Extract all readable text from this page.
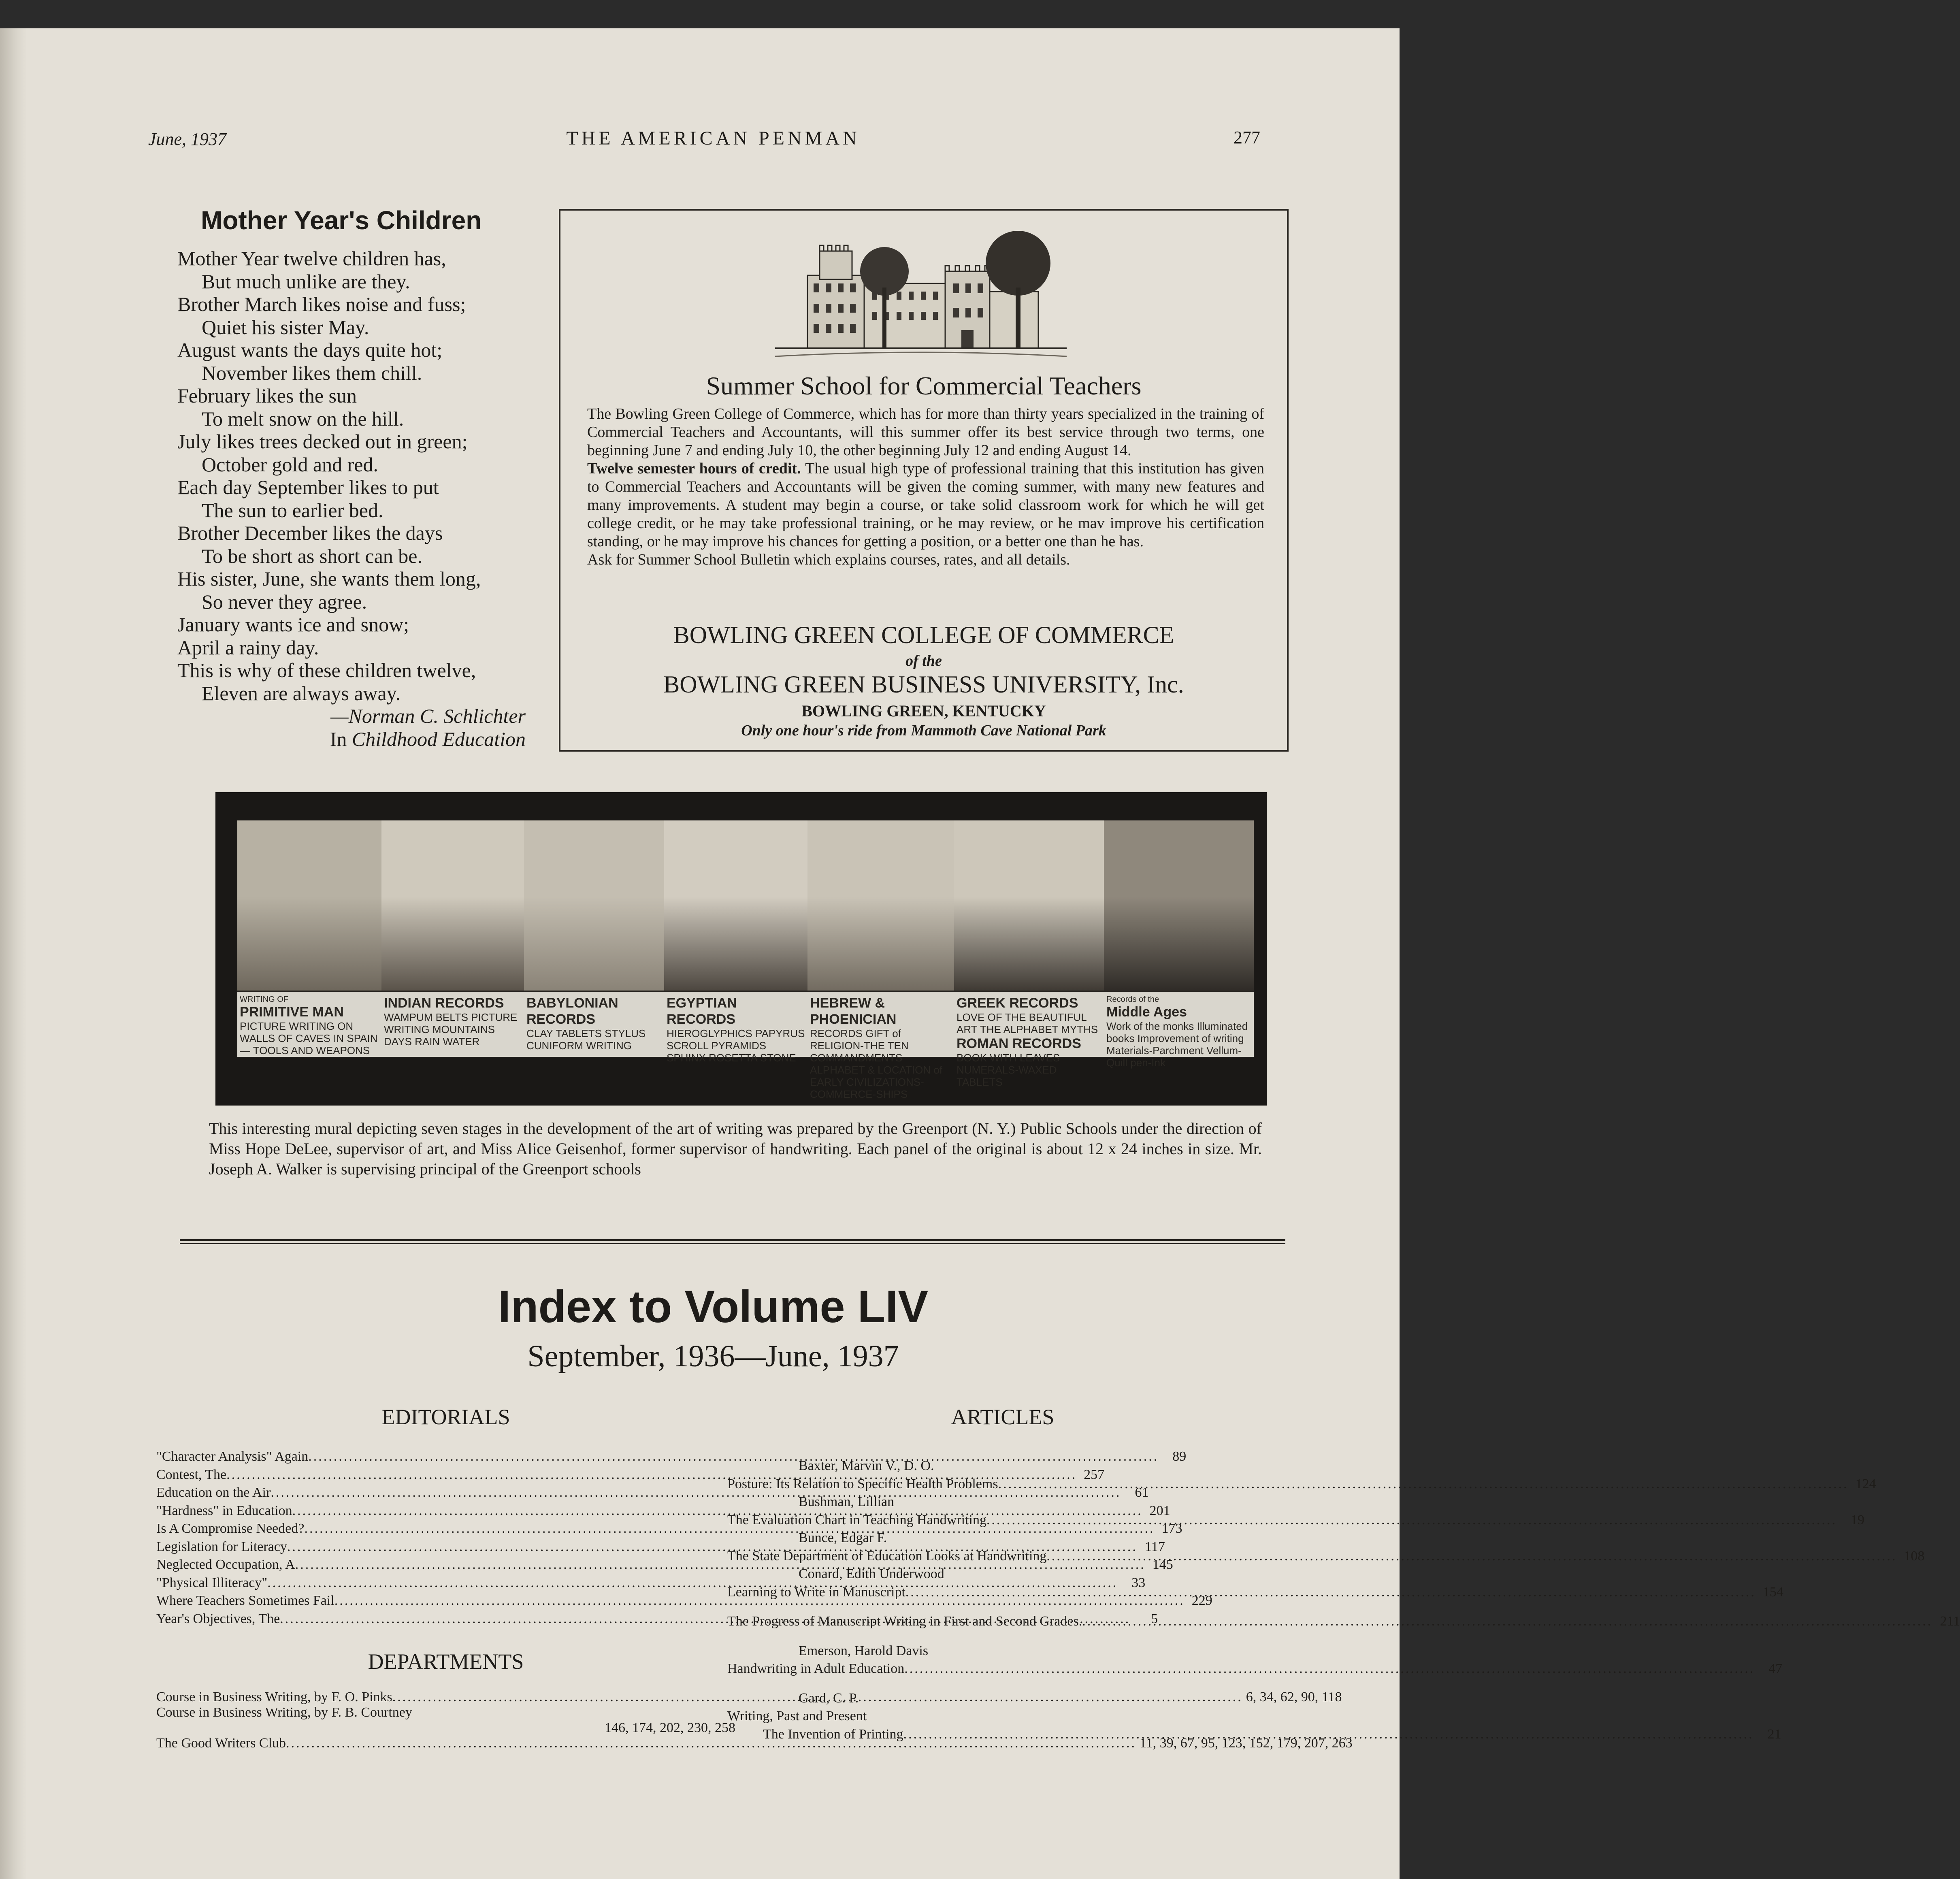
June, 1937	THE AMERICAN PENMAN	277
Mother Year's Children
Mother Year twelve children has,
But much unlike are they.
Brother March likes noise and fuss;
Quiet his sister May.
August wants the days quite hot;
November likes them chill.
February likes the sun
To melt snow on the hill.
July likes trees decked out in green;
October gold and red.
Each day September likes to put
The sun to earlier bed.
Brother December likes the days
To be short as short can be.
His sister, June, she wants them long,
So never they agree.
January wants ice and snow;
April a rainy day.
This is why of these children twelve,
Eleven are always away.
—Norman C. Schlichter
In Childhood Education
Summer School for Commercial Teachers
The Bowling Green College of Commerce, which has for more than thirty years specialized in the training of Commercial Teachers and Accountants, will this summer offer its best service through two terms, one beginning June 7 and ending July 10, the other beginning July 12 and ending August 14.
Twelve semester hours of credit. The usual high type of professional training that this institution has given to Commercial Teachers and Accountants will be given the coming summer, with many new features and many improvements. A student may begin a course, or take solid classroom work for which he will get college credit, or he may take professional training, or he may review, or he mav improve his certification standing, or he may improve his chances for getting a position, or a better one than he has.
Ask for Summer School Bulletin which explains courses, rates, and all details.
BOWLING GREEN COLLEGE OF COMMERCE
of the
BOWLING GREEN BUSINESS UNIVERSITY, Inc.
BOWLING GREEN, KENTUCKY
Only one hour's ride from Mammoth Cave National Park
WRITING OF
PRIMITIVE MAN
PICTURE WRITING ON WALLS OF CAVES IN SPAIN — TOOLS AND WEAPONS
INDIAN RECORDS
WAMPUM BELTS PICTURE WRITING MOUNTAINS DAYS RAIN WATER
BABYLONIAN RECORDS
CLAY TABLETS STYLUS CUNIFORM WRITING
EGYPTIAN RECORDS
HIEROGLYPHICS PAPYRUS SCROLL PYRAMIDS SPHINX ROSETTA STONE
HEBREW & PHOENICIAN
RECORDS GIFT of RELIGION-THE TEN COMMANDMENTS ALPHABET & LOCATION of EARLY CIVILIZATIONS-COMMERCE-SHIPS
GREEK RECORDS
LOVE OF THE BEAUTIFUL ART THE ALPHABET MYTHS
ROMAN RECORDS
BOOK WITH LEAVES NUMERALS-WAXED TABLETS
Records of the
Middle Ages
Work of the monks Illuminated books Improvement of writing Materials-Parchment Vellum-Quill pen-Ink
This interesting mural depicting seven stages in the development of the art of writing was prepared by the Greenport (N. Y.) Public Schools under the direction of Miss Hope DeLee, supervisor of art, and Miss Alice Geisenhof, former supervisor of handwriting. Each panel of the original is about 12 x 24 inches in size. Mr. Joseph A. Walker is supervising principal of the Greenport schools
Index to Volume LIV
September, 1936—June, 1937
EDITORIALS
"Character Analysis" Again .....	89
Contest, The .....	257
Education on the Air .....	61
"Hardness" in Education .....	201
Is A Compromise Needed? .....	173
Legislation for Literacy .....	117
Neglected Occupation, A .....	145
"Physical Illiteracy" .....	33
Where Teachers Sometimes Fail .....	229
Year's Objectives, The .....	5
DEPARTMENTS
Course in Business Writing, by F. O. Pinks .....	6, 34, 62, 90, 118
Course in Business Writing, by F. B. Courtney
146, 174, 202, 230, 258
The Good Writers Club .....	11, 39, 67, 95, 123, 152, 179, 207, 263
ARTICLES
Baxter, Marvin V., D. O.
Posture: Its Relation to Specific Health Problems .....	124
Bushman, Lillian
The Evaluation Chart in Teaching Handwriting .....	19
Bunce, Edgar F.
The State Department of Education Looks at Handwriting .....	108
Conard, Edith Underwood
Learning to Write in Manuscript .....	154
The Progress of Manuscript Writing in First and Second Grades. .....	211
Emerson, Harold Davis
Handwriting in Adult Education .....	47
Gard, C. P.
Writing, Past and Present
The Invention of Printing .....	21
